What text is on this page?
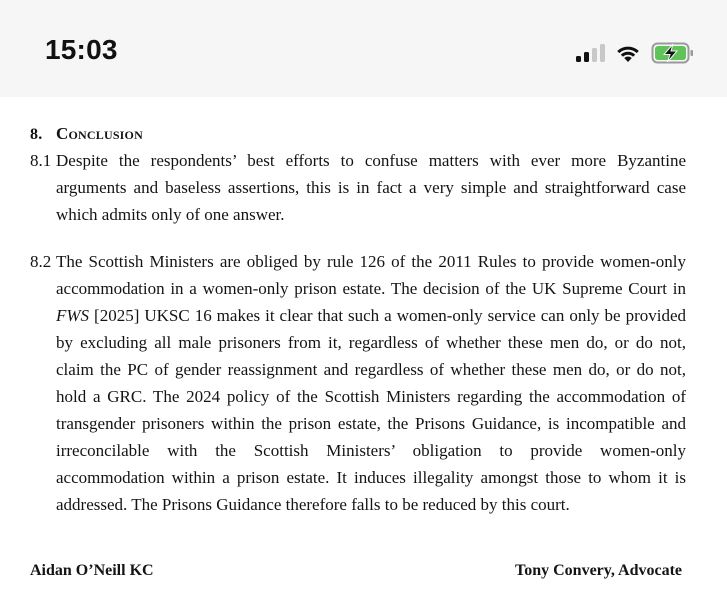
15:03
8. Conclusion
8.1 Despite the respondents’ best efforts to confuse matters with ever more Byzantine
arguments and baseless assertions, this is in fact a very simple and straightforward case
which admits only of one answer.
8.2 The Scottish Ministers are obliged by rule 126 of the 2011 Rules to provide women-only
accommodation in a women-only prison estate. The decision of the UK Supreme Court in
FWS [2025] UKSC 16 makes it clear that such a women-only service can only be provided
by excluding all male prisoners from it, regardless of whether these men do, or do not,
claim the PC of gender reassignment and regardless of whether these men do, or do not,
hold a GRC. The 2024 policy of the Scottish Ministers regarding the accommodation of
transgender prisoners within the prison estate, the Prisons Guidance, is incompatible and
irreconcilable with the Scottish Ministers’ obligation to provide women-only
accommodation within a prison estate. It induces illegality amongst those to whom it is
addressed. The Prisons Guidance therefore falls to be reduced by this court.
Aidan O’Neill KC	Tony Convery, Advocate
